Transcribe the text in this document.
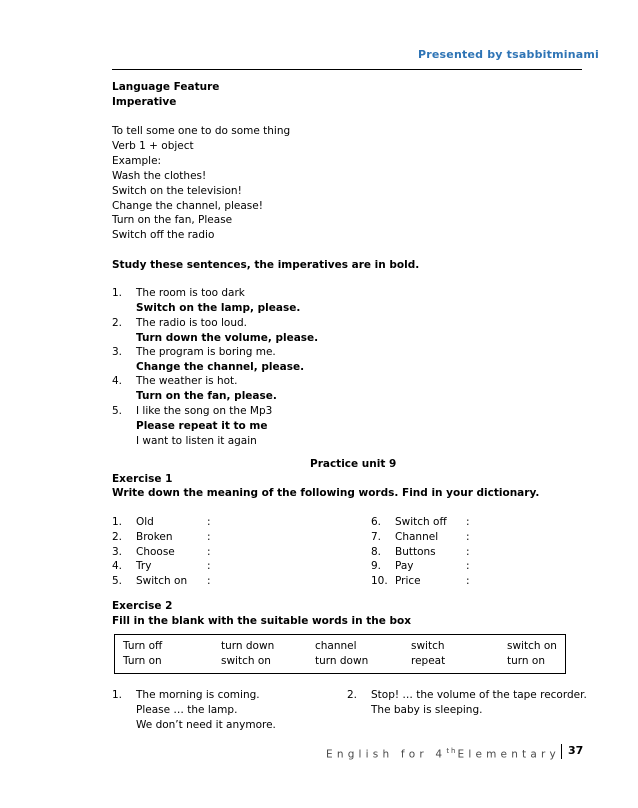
Presented by tsabbitminami
Language Feature
Imperative
To tell some one to do some thing
Verb 1 + object
Example:
Wash the clothes!
Switch on the television!
Change the channel, please!
Turn on the fan, Please
Switch off the radio
Study these sentences, the imperatives are in bold.
1. The room is too dark
Switch on the lamp, please.
2. The radio is too loud.
Turn down the volume, please.
3. The program is boring me.
Change the channel, please.
4. The weather is hot.
Turn on the fan, please.
5. I like the song on the Mp3
Please repeat it to me
I want to listen it again
Practice unit 9
Exercise 1
Write down the meaning of the following words. Find in your dictionary.
1. Old	:
2. Broken	:
3. Choose	:
4. Try	:
5. Switch on :
6. Switch off :
7. Channel	:
8. Buttons	:
9. Pay	:
10. Price	:
Exercise 2
Fill in the blank with the suitable words in the box
Turn off	turn down	channel	switch	switch on
Turn on	switch on	turn down	repeat	turn on
1. The morning is coming.
Please … the lamp.
We don’t need it anymore.
2. Stop! … the volume of the tape recorder.
The baby is sleeping.
English for 4thElementary 37
